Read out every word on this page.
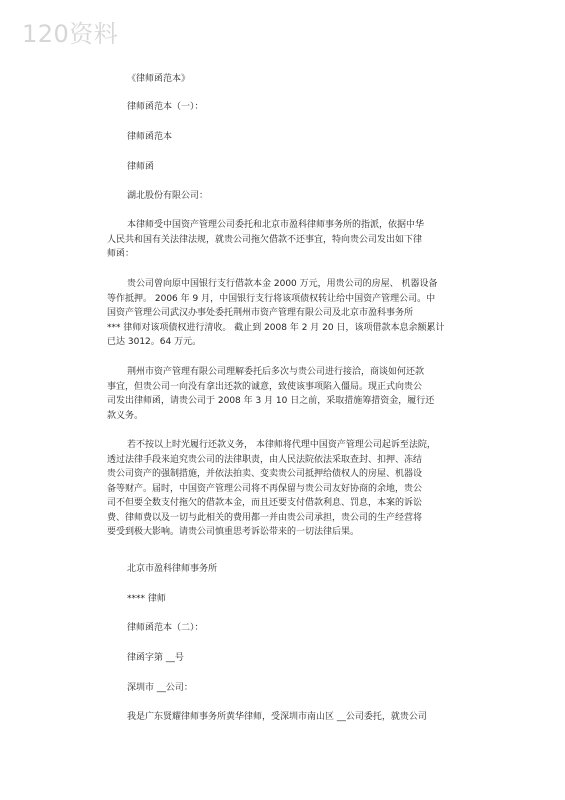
120资料
《律师函范本》
律师函范本（一）：
律师函范本
律师函
湖北股份有限公司：
本律师受中国资产管理公司委托和北京市盈科律师事务所的指派，依据中华
人民共和国有关法律法规，就贵公司拖欠借款不还事宜，特向贵公司发出如下律
师函：
贵公司曾向原中国银行支行借款本金 2000 万元，用贵公司的房屋、 机器设备
等作抵押。 2006 年 9 月，中国银行支行将该项债权转让给中国资产管理公司。中
国资产管理公司武汉办事处委托荆州市资产管理有限公司及北京市盈科事务所
*** 律师对该项债权进行清收。 截止到 2008 年 2 月 20 日，该项借款本息余额累计
已达 3012。64 万元。
荆州市资产管理有限公司理解委托后多次与贵公司进行接洽，商谈如何还款
事宜，但贵公司一向没有拿出还款的诚意，致使该事项陷入僵局。现正式向贵公
司发出律师函，请贵公司于 2008 年 3 月 10 日之前，采取措施筹措资金，履行还
款义务。
若不按以上时光履行还款义务， 本律师将代理中国资产管理公司起诉至法院，
透过法律手段来追究贵公司的法律职责，由人民法院依法采取查封、扣押、冻结
贵公司资产的强制措施，并依法拍卖、变卖贵公司抵押给债权人的房屋、机器设
备等财产。届时，中国资产管理公司将不再保留与贵公司友好协商的余地，贵公
司不但要全数支付拖欠的借款本金，而且还要支付借款利息、罚息，本案的诉讼
费、律师费以及一切与此相关的费用都一并由贵公司承担，贵公司的生产经营将
要受到极大影响。请贵公司慎重思考诉讼带来的一切法律后果。
北京市盈科律师事务所
**** 律师
律师函范本（二）：
律函字第 __号
深圳市 __公司：
我是广东贤耀律师事务所黄华律师，受深圳市南山区 __公司委托，就贵公司
